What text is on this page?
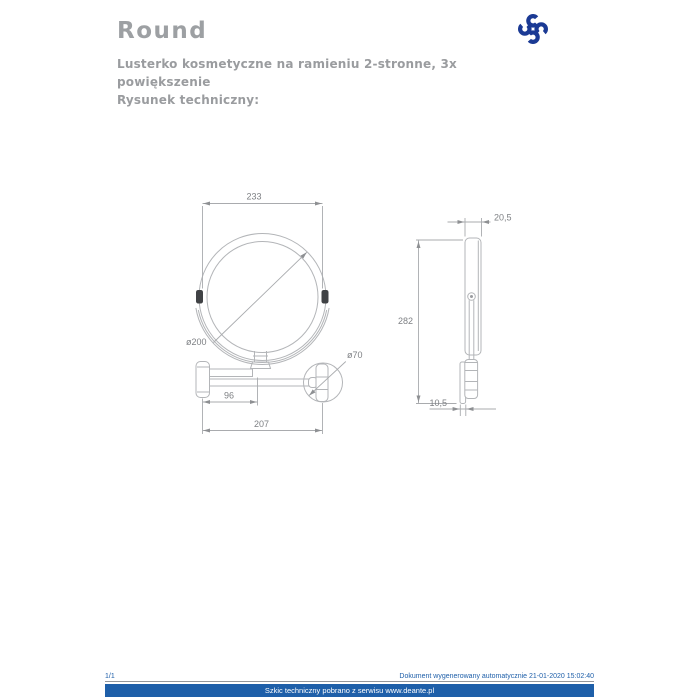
Round
Lusterko kosmetyczne na ramieniu 2-stronne, 3x
powiększenie
Rysunek techniczny:
ø200
ø70
233
96
207
20,5
282
10,5
1/1	Dokument wygenerowany automatycznie 21-01-2020 15:02:40
Szkic techniczny pobrano z serwisu www.deante.pl
